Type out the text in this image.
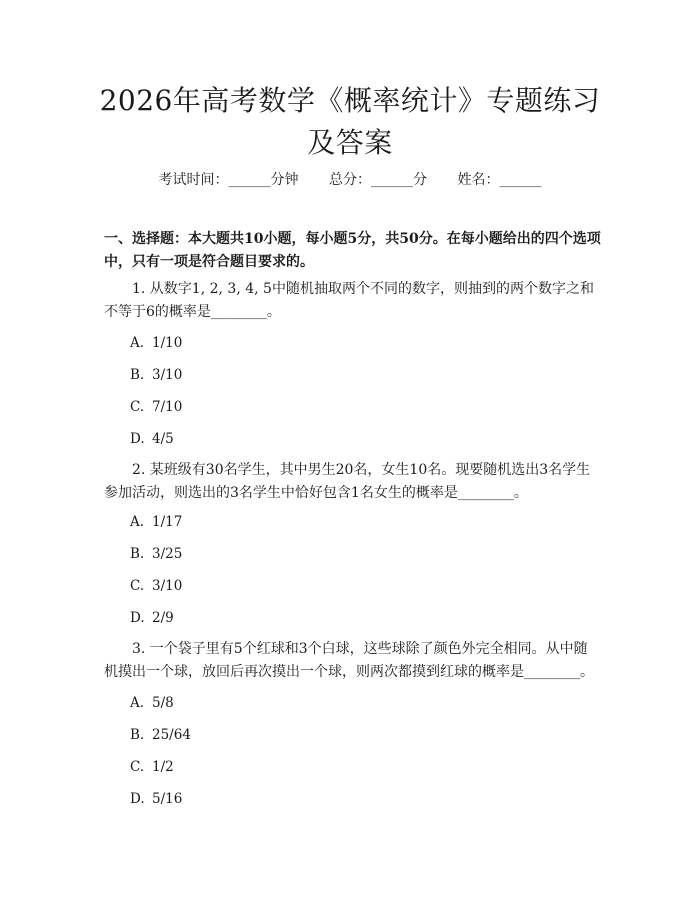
2026年高考数学《概率统计》专题练习及答案
考试时间：______分钟 总分：______分 姓名：______

一、选择题：本大题共10小题，每小题5分，共50分。在每小题给出的四个选项中，只有一项是符合题目要求的。

1. 从数字1, 2, 3, 4, 5中随机抽取两个不同的数字，则抽到的两个数字之和不等于6的概率是________。

A. 1/10

B. 3/10

C. 7/10

D. 4/5

2. 某班级有30名学生，其中男生20名，女生10名。现要随机选出3名学生参加活动，则选出的3名学生中恰好包含1名女生的概率是________。

A. 1/17

B. 3/25

C. 3/10

D. 2/9

3. 一个袋子里有5个红球和3个白球，这些球除了颜色外完全相同。从中随机摸出一个球，放回后再次摸出一个球，则两次都摸到红球的概率是________。

A. 5/8

B. 25/64

C. 1/2

D. 5/16
